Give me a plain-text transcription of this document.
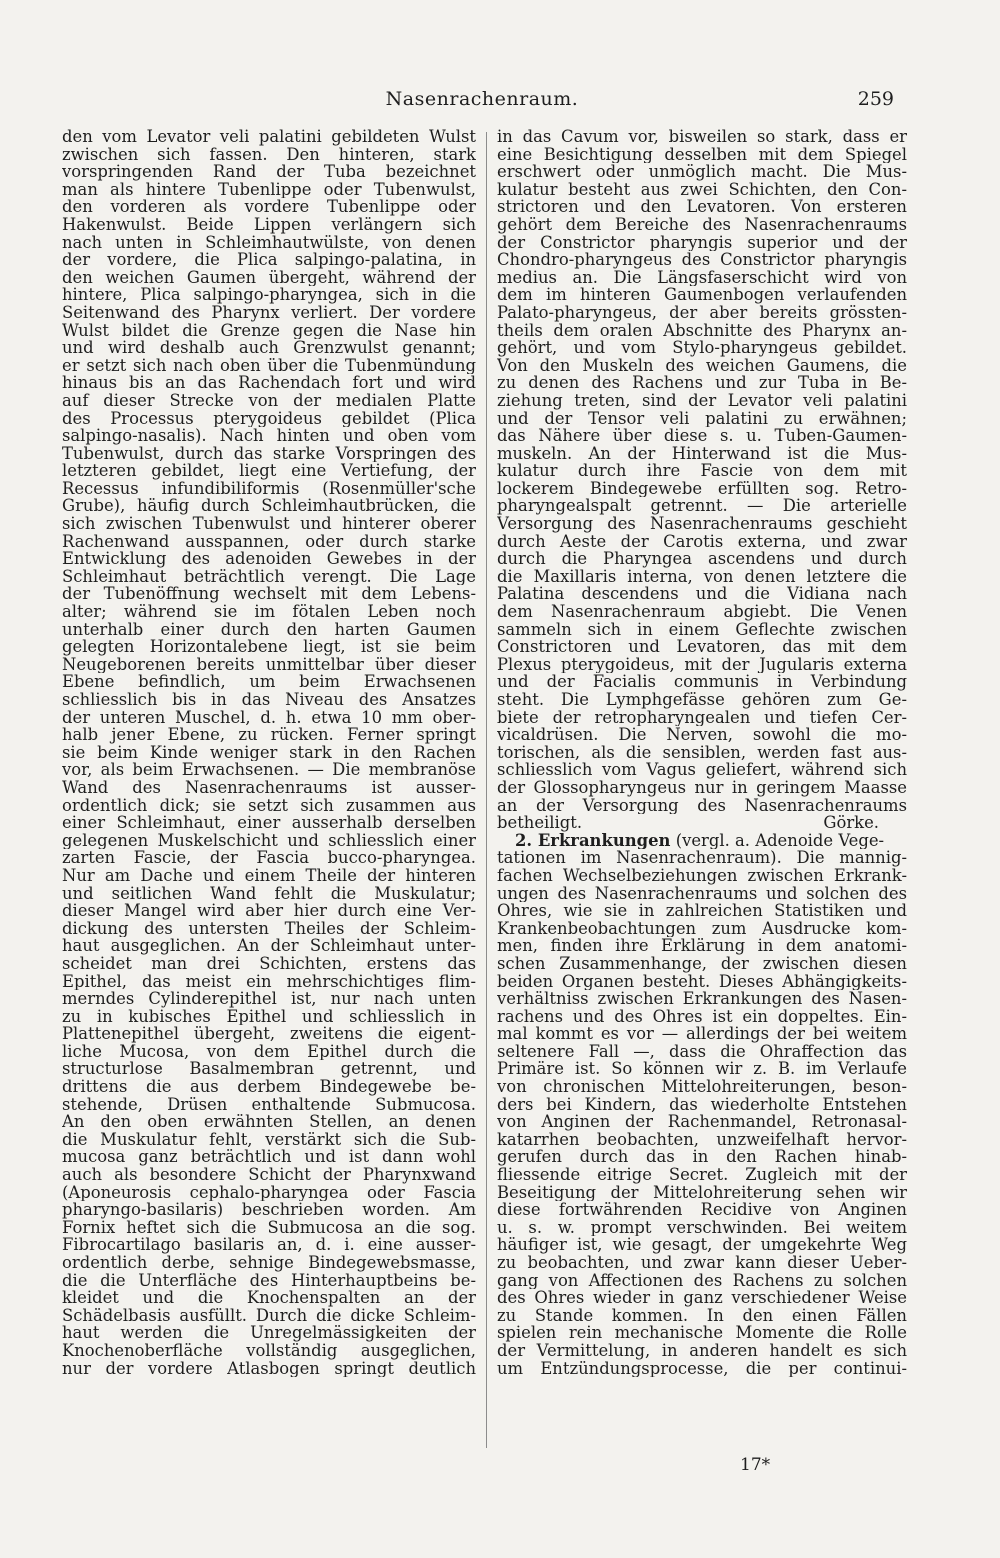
Nasenrachenraum.	259
den vom Levator veli palatini gebildeten Wulst
zwischen sich fassen. Den hinteren, stark
vorspringenden Rand der Tuba bezeichnet
man als hintere Tubenlippe oder Tubenwulst,
den vorderen als vordere Tubenlippe oder
Hakenwulst. Beide Lippen verlängern sich
nach unten in Schleimhautwülste, von denen
der vordere, die Plica salpingo-palatina, in
den weichen Gaumen übergeht, während der
hintere, Plica salpingo-pharyngea, sich in die
Seitenwand des Pharynx verliert. Der vordere
Wulst bildet die Grenze gegen die Nase hin
und wird deshalb auch Grenzwulst genannt;
er setzt sich nach oben über die Tubenmündung
hinaus bis an das Rachendach fort und wird
auf dieser Strecke von der medialen Platte
des Processus pterygoideus gebildet (Plica
salpingo-nasalis). Nach hinten und oben vom
Tubenwulst, durch das starke Vorspringen des
letzteren gebildet, liegt eine Vertiefung, der
Recessus infundibiliformis (Rosenmüller'sche
Grube), häufig durch Schleimhautbrücken, die
sich zwischen Tubenwulst und hinterer oberer
Rachenwand ausspannen, oder durch starke
Entwicklung des adenoiden Gewebes in der
Schleimhaut beträchtlich verengt. Die Lage
der Tubenöffnung wechselt mit dem Lebens-
alter; während sie im fötalen Leben noch
unterhalb einer durch den harten Gaumen
gelegten Horizontalebene liegt, ist sie beim
Neugeborenen bereits unmittelbar über dieser
Ebene befindlich, um beim Erwachsenen
schliesslich bis in das Niveau des Ansatzes
der unteren Muschel, d. h. etwa 10 mm ober-
halb jener Ebene, zu rücken. Ferner springt
sie beim Kinde weniger stark in den Rachen
vor, als beim Erwachsenen. — Die membranöse
Wand des Nasenrachenraums ist ausser-
ordentlich dick; sie setzt sich zusammen aus
einer Schleimhaut, einer ausserhalb derselben
gelegenen Muskelschicht und schliesslich einer
zarten Fascie, der Fascia bucco-pharyngea.
Nur am Dache und einem Theile der hinteren
und seitlichen Wand fehlt die Muskulatur;
dieser Mangel wird aber hier durch eine Ver-
dickung des untersten Theiles der Schleim-
haut ausgeglichen. An der Schleimhaut unter-
scheidet man drei Schichten, erstens das
Epithel, das meist ein mehrschichtiges flim-
merndes Cylinderepithel ist, nur nach unten
zu in kubisches Epithel und schliesslich in
Plattenepithel übergeht, zweitens die eigent-
liche Mucosa, von dem Epithel durch die
structurlose Basalmembran getrennt, und
drittens die aus derbem Bindegewebe be-
stehende, Drüsen enthaltende Submucosa.
An den oben erwähnten Stellen, an denen
die Muskulatur fehlt, verstärkt sich die Sub-
mucosa ganz beträchtlich und ist dann wohl
auch als besondere Schicht der Pharynxwand
(Aponeurosis cephalo-pharyngea oder Fascia
pharyngo-basilaris) beschrieben worden. Am
Fornix heftet sich die Submucosa an die sog.
Fibrocartilago basilaris an, d. i. eine ausser-
ordentlich derbe, sehnige Bindegewebsmasse,
die die Unterfläche des Hinterhauptbeins be-
kleidet und die Knochenspalten an der
Schädelbasis ausfüllt. Durch die dicke Schleim-
haut werden die Unregelmässigkeiten der
Knochenoberfläche vollständig ausgeglichen,
nur der vordere Atlasbogen springt deutlich
in das Cavum vor, bisweilen so stark, dass er
eine Besichtigung desselben mit dem Spiegel
erschwert oder unmöglich macht. Die Mus-
kulatur besteht aus zwei Schichten, den Con-
strictoren und den Levatoren. Von ersteren
gehört dem Bereiche des Nasenrachenraums
der Constrictor pharyngis superior und der
Chondro-pharyngeus des Constrictor pharyngis
medius an. Die Längsfaserschicht wird von
dem im hinteren Gaumenbogen verlaufenden
Palato-pharyngeus, der aber bereits grössten-
theils dem oralen Abschnitte des Pharynx an-
gehört, und vom Stylo-pharyngeus gebildet.
Von den Muskeln des weichen Gaumens, die
zu denen des Rachens und zur Tuba in Be-
ziehung treten, sind der Levator veli palatini
und der Tensor veli palatini zu erwähnen;
das Nähere über diese s. u. Tuben-Gaumen-
muskeln. An der Hinterwand ist die Mus-
kulatur durch ihre Fascie von dem mit
lockerem Bindegewebe erfüllten sog. Retro-
pharyngealspalt getrennt. — Die arterielle
Versorgung des Nasenrachenraums geschieht
durch Aeste der Carotis externa, und zwar
durch die Pharyngea ascendens und durch
die Maxillaris interna, von denen letztere die
Palatina descendens und die Vidiana nach
dem Nasenrachenraum abgiebt. Die Venen
sammeln sich in einem Geflechte zwischen
Constrictoren und Levatoren, das mit dem
Plexus pterygoideus, mit der Jugularis externa
und der Facialis communis in Verbindung
steht. Die Lymphgefässe gehören zum Ge-
biete der retropharyngealen und tiefen Cer-
vicaldrüsen. Die Nerven, sowohl die mo-
torischen, als die sensiblen, werden fast aus-
schliesslich vom Vagus geliefert, während sich
der Glossopharyngeus nur in geringem Maasse
an der Versorgung des Nasenrachenraums
betheiligt.	Görke.
2. Erkrankungen (vergl. a. Adenoide Vege-
tationen im Nasenrachenraum). Die mannig-
fachen Wechselbeziehungen zwischen Erkrank-
ungen des Nasenrachenraums und solchen des
Ohres, wie sie in zahlreichen Statistiken und
Krankenbeobachtungen zum Ausdrucke kom-
men, finden ihre Erklärung in dem anatomi-
schen Zusammenhange, der zwischen diesen
beiden Organen besteht. Dieses Abhängigkeits-
verhältniss zwischen Erkrankungen des Nasen-
rachens und des Ohres ist ein doppeltes. Ein-
mal kommt es vor — allerdings der bei weitem
seltenere Fall —, dass die Ohraffection das
Primäre ist. So können wir z. B. im Verlaufe
von chronischen Mittelohreiterungen, beson-
ders bei Kindern, das wiederholte Entstehen
von Anginen der Rachenmandel, Retronasal-
katarrhen beobachten, unzweifelhaft hervor-
gerufen durch das in den Rachen hinab-
fliessende eitrige Secret. Zugleich mit der
Beseitigung der Mittelohreiterung sehen wir
diese fortwährenden Recidive von Anginen
u. s. w. prompt verschwinden. Bei weitem
häufiger ist, wie gesagt, der umgekehrte Weg
zu beobachten, und zwar kann dieser Ueber-
gang von Affectionen des Rachens zu solchen
des Ohres wieder in ganz verschiedener Weise
zu Stande kommen. In den einen Fällen
spielen rein mechanische Momente die Rolle
der Vermittelung, in anderen handelt es sich
um Entzündungsprocesse, die per continui-
17*
